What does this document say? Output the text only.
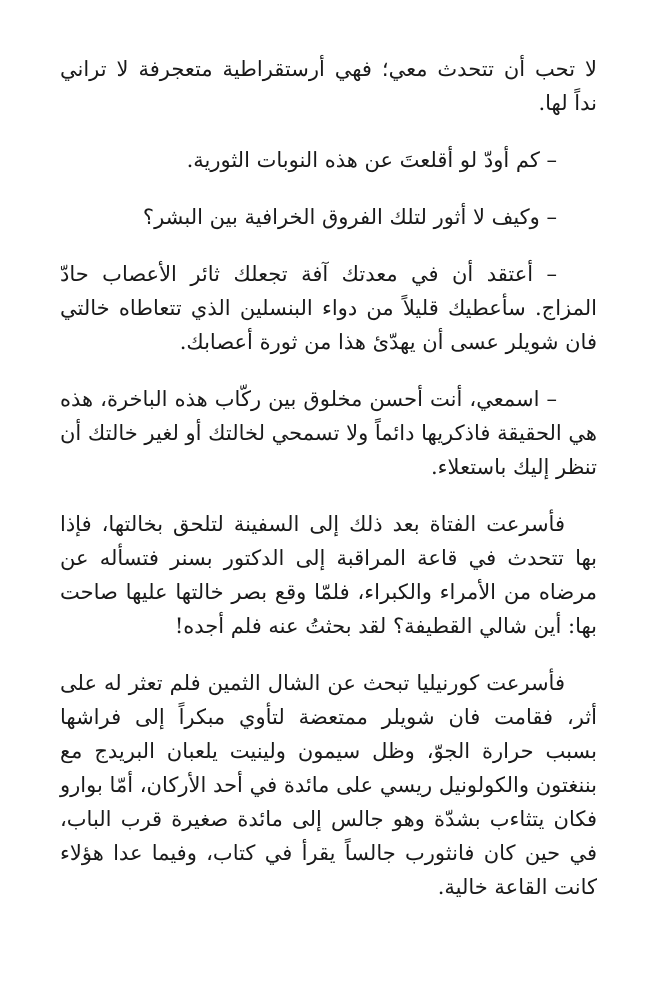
لا تحب أن تتحدث معي؛ فهي أرستقراطية متعجرفة لا تراني نداً لها.

– كم أودّ لو أقلعتَ عن هذه النوبات الثورية.

– وكيف لا أثور لتلك الفروق الخرافية بين البشر؟

– أعتقد أن في معدتك آفة تجعلك ثائر الأعصاب حادّ المزاج. سأعطيك قليلاً من دواء البنسلين الذي تتعاطاه خالتي فان شويلر عسى أن يهدّئ هذا من ثورة أعصابك.

– اسمعي، أنت أحسن مخلوق بين ركّاب هذه الباخرة، هذه هي الحقيقة فاذكريها دائماً ولا تسمحي لخالتك أو لغير خالتك أن تنظر إليك باستعلاء.

فأسرعت الفتاة بعد ذلك إلى السفينة لتلحق بخالتها، فإذا بها تتحدث في قاعة المراقبة إلى الدكتور بسنر فتسأله عن مرضاه من الأمراء والكبراء، فلمّا وقع بصر خالتها عليها صاحت بها: أين شالي القطيفة؟ لقد بحثتُ عنه فلم أجده!

فأسرعت كورنيليا تبحث عن الشال الثمين فلم تعثر له على أثر، فقامت فان شويلر ممتعضة لتأوي مبكراً إلى فراشها بسبب حرارة الجوّ، وظل سيمون ولينيت يلعبان البريدج مع بننغتون والكولونيل ريسي على مائدة في أحد الأركان، أمّا بوارو فكان يتثاءب بشدّة وهو جالس إلى مائدة صغيرة قرب الباب، في حين كان فانثورب جالساً يقرأ في كتاب، وفيما عدا هؤلاء كانت القاعة خالية.
